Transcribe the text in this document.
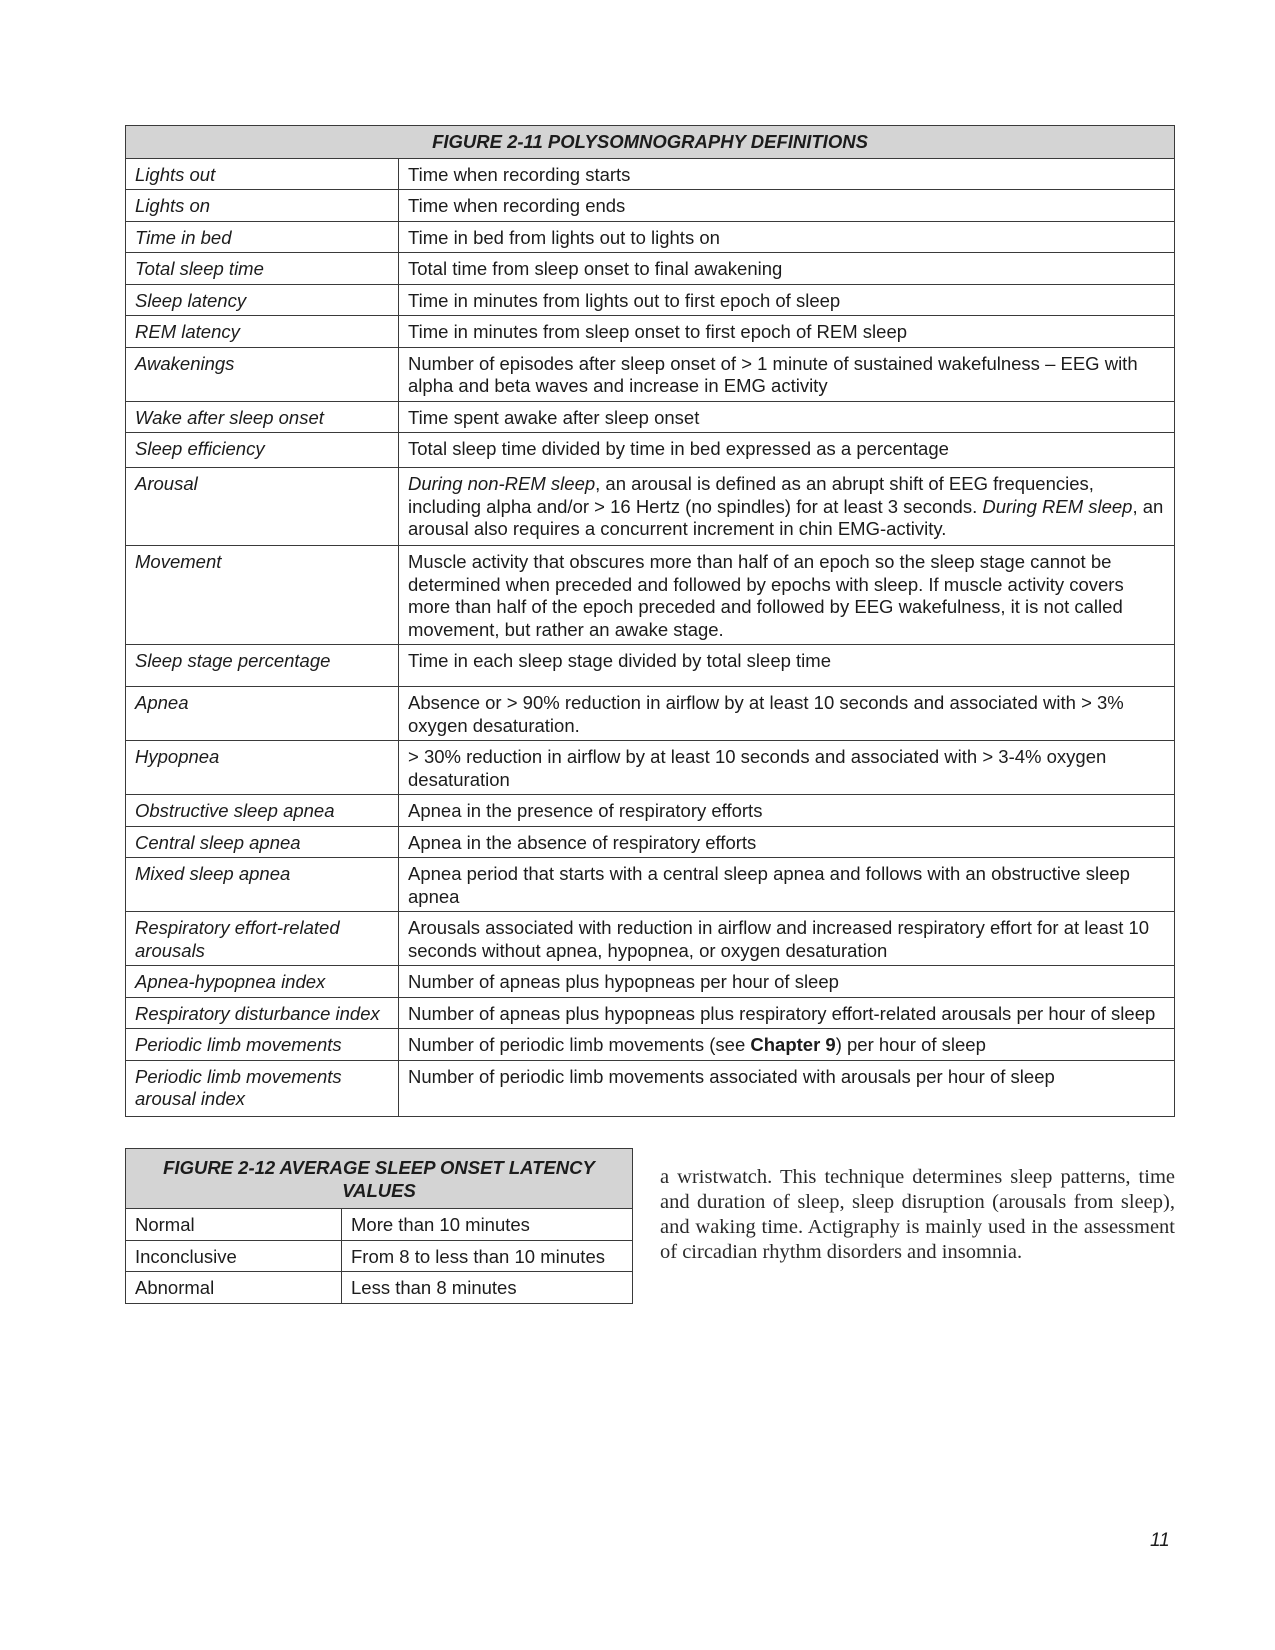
FIGURE 2-11 POLYSOMNOGRAPHY DEFINITIONS	
Lights out	Time when recording starts
Lights on	Time when recording ends
Time in bed	Time in bed from lights out to lights on
Total sleep time	Total time from sleep onset to final awakening
Sleep latency	Time in minutes from lights out to first epoch of sleep
REM latency	Time in minutes from sleep onset to first epoch of REM sleep
Awakenings	Number of episodes after sleep onset of > 1 minute of sustained wakefulness – EEG with alpha and beta waves and increase in EMG activity
Wake after sleep onset	Time spent awake after sleep onset
Sleep efficiency	Total sleep time divided by time in bed expressed as a percentage
Arousal	During non-REM sleep, an arousal is defined as an abrupt shift of EEG frequencies, including alpha and/or > 16 Hertz (no spindles) for at least 3 seconds. During REM sleep, an arousal also requires a concurrent increment in chin EMG-activity.
Movement	Muscle activity that obscures more than half of an epoch so the sleep stage cannot be determined when preceded and followed by epochs with sleep. If muscle activity covers more than half of the epoch preceded and followed by EEG wakefulness, it is not called movement, but rather an awake stage.
Sleep stage percentage	Time in each sleep stage divided by total sleep time
Apnea	Absence or > 90% reduction in airflow by at least 10 seconds and associated with > 3% oxygen desaturation.
Hypopnea	> 30% reduction in airflow by at least 10 seconds and associated with > 3-4% oxygen desaturation
Obstructive sleep apnea	Apnea in the presence of respiratory efforts
Central sleep apnea	Apnea in the absence of respiratory efforts
Mixed sleep apnea	Apnea period that starts with a central sleep apnea and follows with an obstructive sleep apnea
Respiratory effort-related arousals	Arousals associated with reduction in airflow and increased respiratory effort for at least 10 seconds without apnea, hypopnea, or oxygen desaturation
Apnea-hypopnea index	Number of apneas plus hypopneas per hour of sleep
Respiratory disturbance index	Number of apneas plus hypopneas plus respiratory effort-related arousals per hour of sleep
Periodic limb movements	Number of periodic limb movements (see Chapter 9) per hour of sleep
Periodic limb movements arousal index	Number of periodic limb movements associated with arousals per hour of sleep
FIGURE 2-12 AVERAGE SLEEP ONSET LATENCY VALUES	
Normal	More than 10 minutes
Inconclusive	From 8 to less than 10 minutes
Abnormal	Less than 8 minutes

a wristwatch. This technique determines sleep patterns, time and duration of sleep, sleep disruption (arousals from sleep), and waking time. Actigraphy is mainly used in the assessment of circadian rhythm disorders and insomnia.

11
